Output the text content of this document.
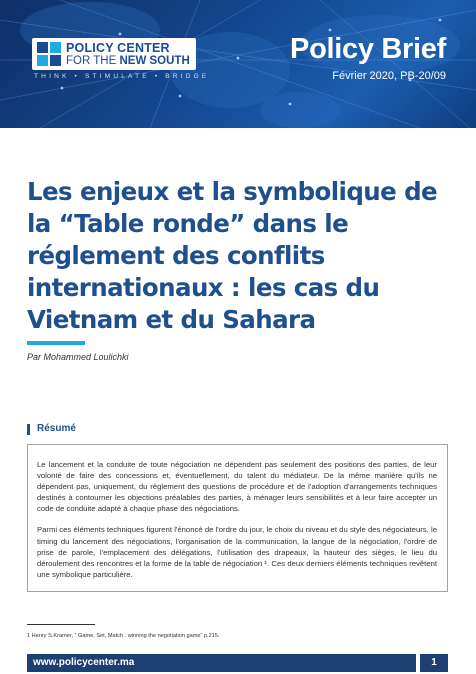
POLICY CENTER
FOR THE NEW SOUTH
THINK • STIMULATE • BRIDGE
Policy Brief
Février 2020, PB-20/09
Les enjeux et la symbolique de la “Table ronde” dans le réglement des conflits internationaux : les cas du Vietnam et du Sahara
Par Mohammed Loulichki
Résumé

Le lancement et la conduite de toute négociation ne dépendent pas seulement des positions des parties, de leur volonté de faire des concessions et, éventuellement, du talent du médiateur. De la même manière qu'ils ne dépendent pas, uniquement, du règlement des questions de procédure et de l'adoption d'arrangements techniques destinés à contourner les objections préalables des parties, à ménager leurs sensibilités et à leur faire accepter un code de conduite adapté à chaque phase des négociations.

Parmi ces éléments techniques figurent l'énoncé de l'ordre du jour, le choix du niveau et du style des négociateurs, le timing du lancement des négociations, l'organisation de la communication, la langue de la négociation, l'ordre de prise de parole, l'emplacement des délégations, l'utilisation des drapeaux, la hauteur des sièges, le lieu du déroulement des rencontres et la forme de la table de négociation ¹. Ces deux derniers éléments techniques revêtent une symbolique particulière.

1 Henry S.Kramer, “ Game, Set, Match : winning the negotiation game” p.215.
www.policycenter.ma	1
